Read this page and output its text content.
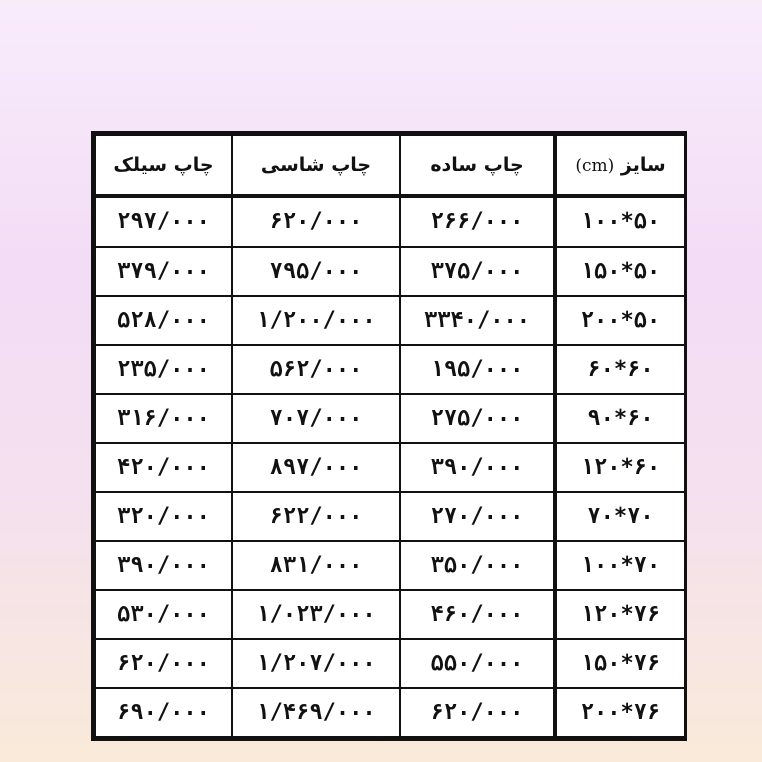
سایز (cm)	چاپ ساده	چاپ شاسی	چاپ سیلک
۵۰*۱۰۰	۲۶۶/۰۰۰	۶۲۰/۰۰۰	۲۹۷/۰۰۰
۵۰*۱۵۰	۳۷۵/۰۰۰	۷۹۵/۰۰۰	۳۷۹/۰۰۰
۵۰*۲۰۰	۳۳۴۰/۰۰۰	۱/۲۰۰/۰۰۰	۵۲۸/۰۰۰
۶۰*۶۰	۱۹۵/۰۰۰	۵۶۲/۰۰۰	۲۳۵/۰۰۰
۶۰*۹۰	۲۷۵/۰۰۰	۷۰۷/۰۰۰	۳۱۶/۰۰۰
۶۰*۱۲۰	۳۹۰/۰۰۰	۸۹۷/۰۰۰	۴۲۰/۰۰۰
۷۰*۷۰	۲۷۰/۰۰۰	۶۲۲/۰۰۰	۳۲۰/۰۰۰
۷۰*۱۰۰	۳۵۰/۰۰۰	۸۳۱/۰۰۰	۳۹۰/۰۰۰
۷۶*۱۲۰	۴۶۰/۰۰۰	۱/۰۲۳/۰۰۰	۵۳۰/۰۰۰
۷۶*۱۵۰	۵۵۰/۰۰۰	۱/۲۰۷/۰۰۰	۶۲۰/۰۰۰
۷۶*۲۰۰	۶۲۰/۰۰۰	۱/۴۶۹/۰۰۰	۶۹۰/۰۰۰
